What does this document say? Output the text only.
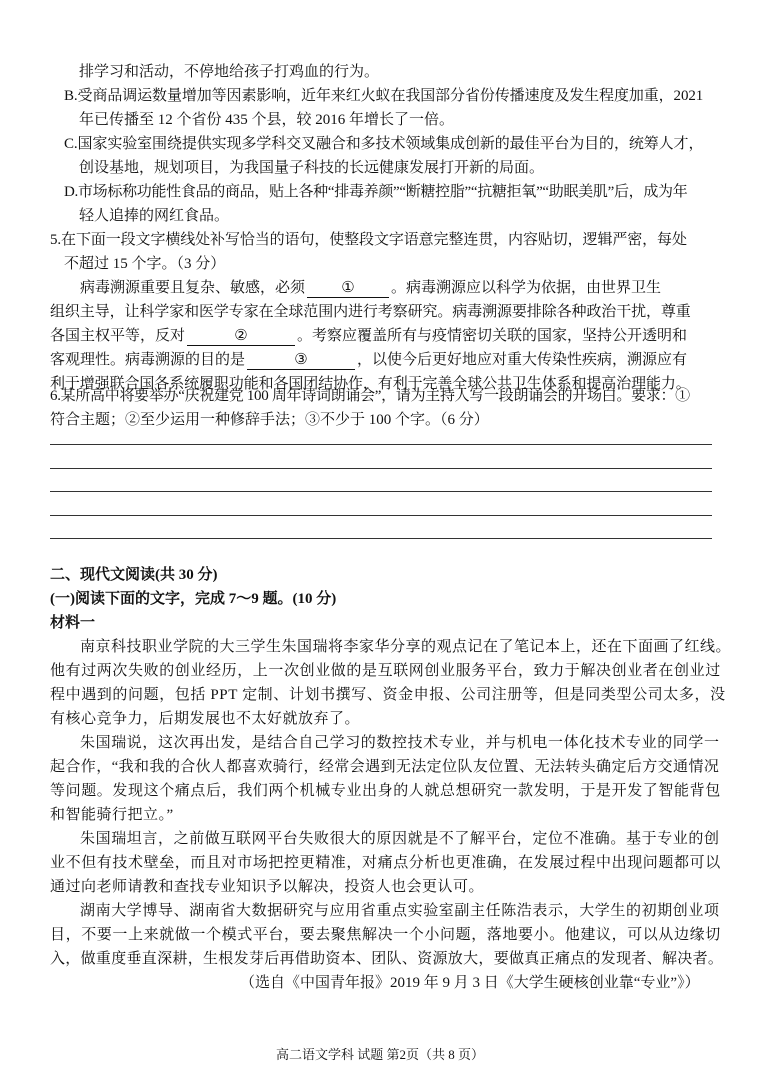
排学习和活动，不停地给孩子打鸡血的行为。
B.受商品调运数量增加等因素影响，近年来红火蚁在我国部分省份传播速度及发生程度加重，2021
年已传播至 12 个省份 435 个县，较 2016 年增长了一倍。
C.国家实验室围绕提供实现多学科交叉融合和多技术领域集成创新的最佳平台为目的，统筹人才，
创设基地，规划项目，为我国量子科技的长远健康发展打开新的局面。
D.市场标称功能性食品的商品，贴上各种“排毒养颜”“断糖控脂”“抗糖拒氧”“助眠美肌”后，成为年
轻人追捧的网红食品。
5.在下面一段文字横线处补写恰当的语句，使整段文字语意完整连贯，内容贴切，逻辑严密，每处
不超过 15 个字。（3 分）
病毒溯源重要且复杂、敏感，必须 ① 。病毒溯源应以科学为依据，由世界卫生
组织主导，让科学家和医学专家在全球范围内进行考察研究。病毒溯源要排除各种政治干扰，尊重
各国主权平等，反对	②	。考察应覆盖所有与疫情密切关联的国家，坚持公开透明和
客观理性。病毒溯源的目的是	③	，以使今后更好地应对重大传染性疾病，溯源应有
利于增强联合国各系统履职功能和各国团结协作，有利于完善全球公共卫生体系和提高治理能力。
6.某所高中将要举办“庆祝建党 100 周年诗词朗诵会”，请为主持人写一段朗诵会的开场白。要求：①
符合主题；②至少运用一种修辞手法；③不少于 100 个字。（6 分）
二、现代文阅读(共 30 分)
(一)阅读下面的文字，完成 7～9 题。(10 分)
材料一
南京科技职业学院的大三学生朱国瑞将李家华分享的观点记在了笔记本上，还在下面画了红线。
他有过两次失败的创业经历，上一次创业做的是互联网创业服务平台，致力于解决创业者在创业过
程中遇到的问题，包括 PPT 定制、计划书撰写、资金申报、公司注册等，但是同类型公司太多，没
有核心竞争力，后期发展也不太好就放弃了。
朱国瑞说，这次再出发，是结合自己学习的数控技术专业，并与机电一体化技术专业的同学一
起合作，“我和我的合伙人都喜欢骑行，经常会遇到无法定位队友位置、无法转头确定后方交通情况
等问题。发现这个痛点后，我们两个机械专业出身的人就总想研究一款发明，于是开发了智能背包
和智能骑行把立。”
朱国瑞坦言，之前做互联网平台失败很大的原因就是不了解平台，定位不准确。基于专业的创
业不但有技术壁垒，而且对市场把控更精准，对痛点分析也更准确，在发展过程中出现问题都可以
通过向老师请教和查找专业知识予以解决，投资人也会更认可。
湖南大学博导、湖南省大数据研究与应用省重点实验室副主任陈浩表示，大学生的初期创业项
目，不要一上来就做一个模式平台，要去聚焦解决一个小问题，落地要小。他建议，可以从边缘切
入，做重度垂直深耕，生根发芽后再借助资本、团队、资源放大，要做真正痛点的发现者、解决者。
（选自《中国青年报》2019 年 9 月 3 日《大学生硬核创业靠“专业”》）
高二语文学科 试题 第2页（共 8 页）
